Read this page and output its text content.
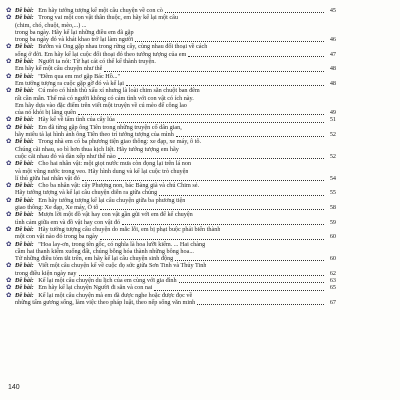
✿ Đề bài: Em hãy tưởng tượng kể một câu chuyện về con cò	45
✿ Đề bài: Trong vai một con vật thân thuộc, em hãy kể lại một câu
(chim, chó, chuột, mèo,...) ...
trong ba ngày. Hãy kể lại những điều em đã gặp
trong ba ngày đó và khát khao trở lại làm người	46
✿ Đề bài: Bướm và Ong gặp nhau trong rừng cây, cùng nhau đối thoại về cách
sống ở đời. Em hãy kể lại cuộc đối thoại đó theo tưởng tượng của em	47
✿ Đề bài: Người ta nói: Từ hạt cát có thể kể thành truyện.
Em hãy kể một câu chuyện như thế	48
✿ Đề bài: "Đêm qua em mơ gặp Bác Hồ..."
Em tưởng tượng ra cuộc gặp gỡ đó và kể lại	48
✿ Đề bài: Cú mèo có hình thù xấu xí nhưng là loài chim săn chuột ban đêm
rất cần mẫn. Thế mà có người không có cảm tình với con vật có ích này.
Em hãy dựa vào đặc điểm trên viết một truyện về cú mèo để công lao
của nó khỏi bị lãng quên	49
✿ Đề bài: Hãy kể về tấm tình của cây lúa	51
✿ Đề bài: Em đã từng gặp ông Tiên trong những truyện cổ dân gian,
hãy miêu tả lại hình ảnh ông Tiên theo trí tưởng tượng của mình	52
✿ Đề bài: Trong nhà em có ba phương tiện giao thông: xe đạp, xe máy, ô tô.
Chúng cãi nhau, so bì hơn thua kịch liệt. Hãy tưởng tượng em hãy
cuộc cãi nhau đó và dàn xếp như thế nào	52
✿ Đề bài: Cho hai nhân vật: một giọt nước mưa còn đọng lại trên lá non
và một vũng nước trong veo. Hãy hình dung và kể lại cuộc trò chuyện
lí thú giữa hai nhân vật đó	54
✿ Đề bài: Cho ba nhân vật: cây Phượng non, bác Bàng già và chú Chim sẻ.
Hãy tưởng tượng và kể lại câu chuyện diễn ra giữa chúng	55
✿ Đề bài: Em hãy tưởng tượng kể lại câu chuyện giữa ba phương tiện
giao thông: Xe đạp, Xe máy, Ô tô	58
✿ Đề bài: Mượn lời một đồ vật hay con vật gần gũi với em để kể chuyện
tình cảm giữa em và đồ vật hay con vật đó	59
✿ Đề bài: Hãy tưởng tượng câu chuyện do mắc lỗi, em bị phạt buộc phải biến thành
một con vật nào đó trong ba ngày	60
✿ Đề bài: "Hoa lay-ơn, trong tên gốc, có nghĩa là hoa lưỡi kiếm. ... Hai chàng
cầm hai thanh kiếm xuống đất, chúng bỗng hóa thành những bông hoa...
Tử những điều tóm tắt trên, em hãy kể lại câu chuyện sinh động	60
✿ Đề bài: Viết một câu chuyện kể về cuộc đọ sức giữa Sơn Tinh và Thủy Tinh
trong điều kiện ngày nay	62
✿ Đề bài: Kể lại một câu chuyện du lịch của em cùng với gia đình	63
✿ Đề bài: Em hãy kể lại chuyện Người đi săn và con nai	65
✿ Đề bài: Kể lại một câu chuyện mà em đã được nghe hoặc được đọc về
những tấm gương sống, làm việc theo pháp luật, theo nếp sống văn minh	67
140
